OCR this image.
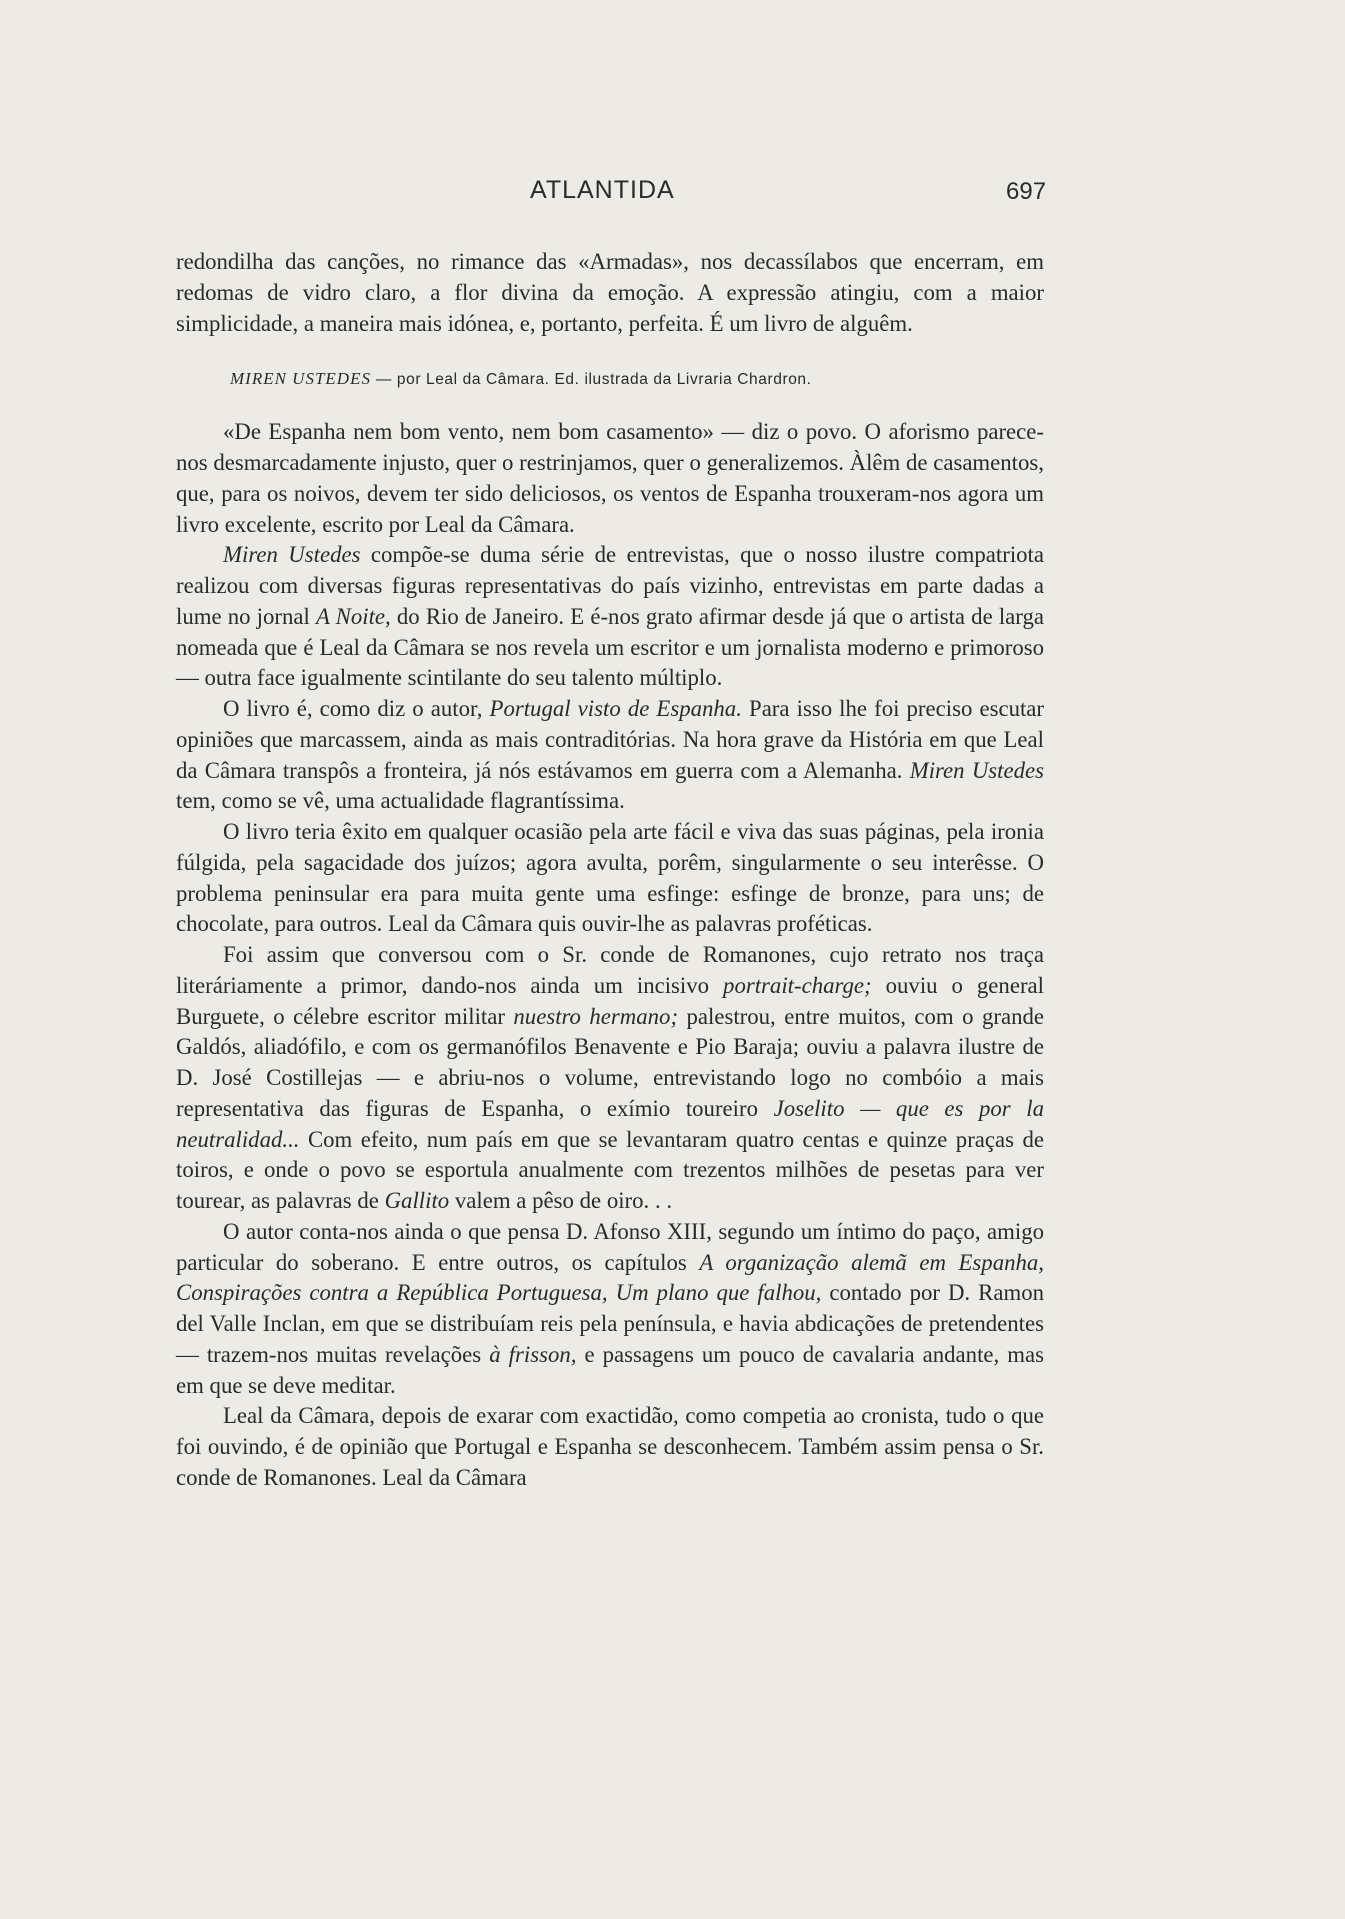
ATLANTIDA	697

redondilha das canções, no rimance das «Armadas», nos decassílabos que encerram, em redomas de vidro claro, a flor divina da emoção. A expressão atingiu, com a maior simplicidade, a maneira mais idónea, e, portanto, perfeita. É um livro de alguêm.

MIREN USTEDES — por Leal da Câmara. Ed. ilustrada da Livraria Chardron.

«De Espanha nem bom vento, nem bom casamento» — diz o povo. O aforismo parece-nos desmarcadamente injusto, quer o restrinjamos, quer o generalizemos. Àlêm de casamentos, que, para os noivos, devem ter sido deliciosos, os ventos de Espanha trouxeram-nos agora um livro excelente, escrito por Leal da Câmara.

Miren Ustedes compõe-se duma série de entrevistas, que o nosso ilustre compatriota realizou com diversas figuras representativas do país vizinho, entrevistas em parte dadas a lume no jornal A Noite, do Rio de Janeiro. E é-nos grato afirmar desde já que o artista de larga nomeada que é Leal da Câmara se nos revela um escritor e um jornalista moderno e primoroso — outra face igualmente scintilante do seu talento múltiplo.

O livro é, como diz o autor, Portugal visto de Espanha. Para isso lhe foi preciso escutar opiniões que marcassem, ainda as mais contraditórias. Na hora grave da História em que Leal da Câmara transpôs a fronteira, já nós estávamos em guerra com a Alemanha. Miren Ustedes tem, como se vê, uma actualidade flagrantíssima.

O livro teria êxito em qualquer ocasião pela arte fácil e viva das suas páginas, pela ironia fúlgida, pela sagacidade dos juízos; agora avulta, porêm, singularmente o seu interêsse. O problema peninsular era para muita gente uma esfinge: esfinge de bronze, para uns; de chocolate, para outros. Leal da Câmara quis ouvir-lhe as palavras proféticas.

Foi assim que conversou com o Sr. conde de Romanones, cujo retrato nos traça literáriamente a primor, dando-nos ainda um incisivo portrait-charge; ouviu o general Burguete, o célebre escritor militar nuestro hermano; palestrou, entre muitos, com o grande Galdós, aliadófilo, e com os germanófilos Benavente e Pio Baraja; ouviu a palavra ilustre de D. José Costillejas — e abriu-nos o volume, entrevistando logo no combóio a mais representativa das figuras de Espanha, o exímio toureiro Joselito — que es por la neutralidad... Com efeito, num país em que se levantaram quatro centas e quinze praças de toiros, e onde o povo se esportula anualmente com trezentos milhões de pesetas para ver tourear, as palavras de Gallito valem a pêso de oiro. . .

O autor conta-nos ainda o que pensa D. Afonso XIII, segundo um íntimo do paço, amigo particular do soberano. E entre outros, os capítulos A organização alemã em Espanha, Conspirações contra a República Portuguesa, Um plano que falhou, contado por D. Ramon del Valle Inclan, em que se distribuíam reis pela península, e havia abdicações de pretendentes — trazem-nos muitas revelações à frisson, e passagens um pouco de cavalaria andante, mas em que se deve meditar.

Leal da Câmara, depois de exarar com exactidão, como competia ao cronista, tudo o que foi ouvindo, é de opinião que Portugal e Espanha se desconhecem. Também assim pensa o Sr. conde de Romanones. Leal da Câmara
